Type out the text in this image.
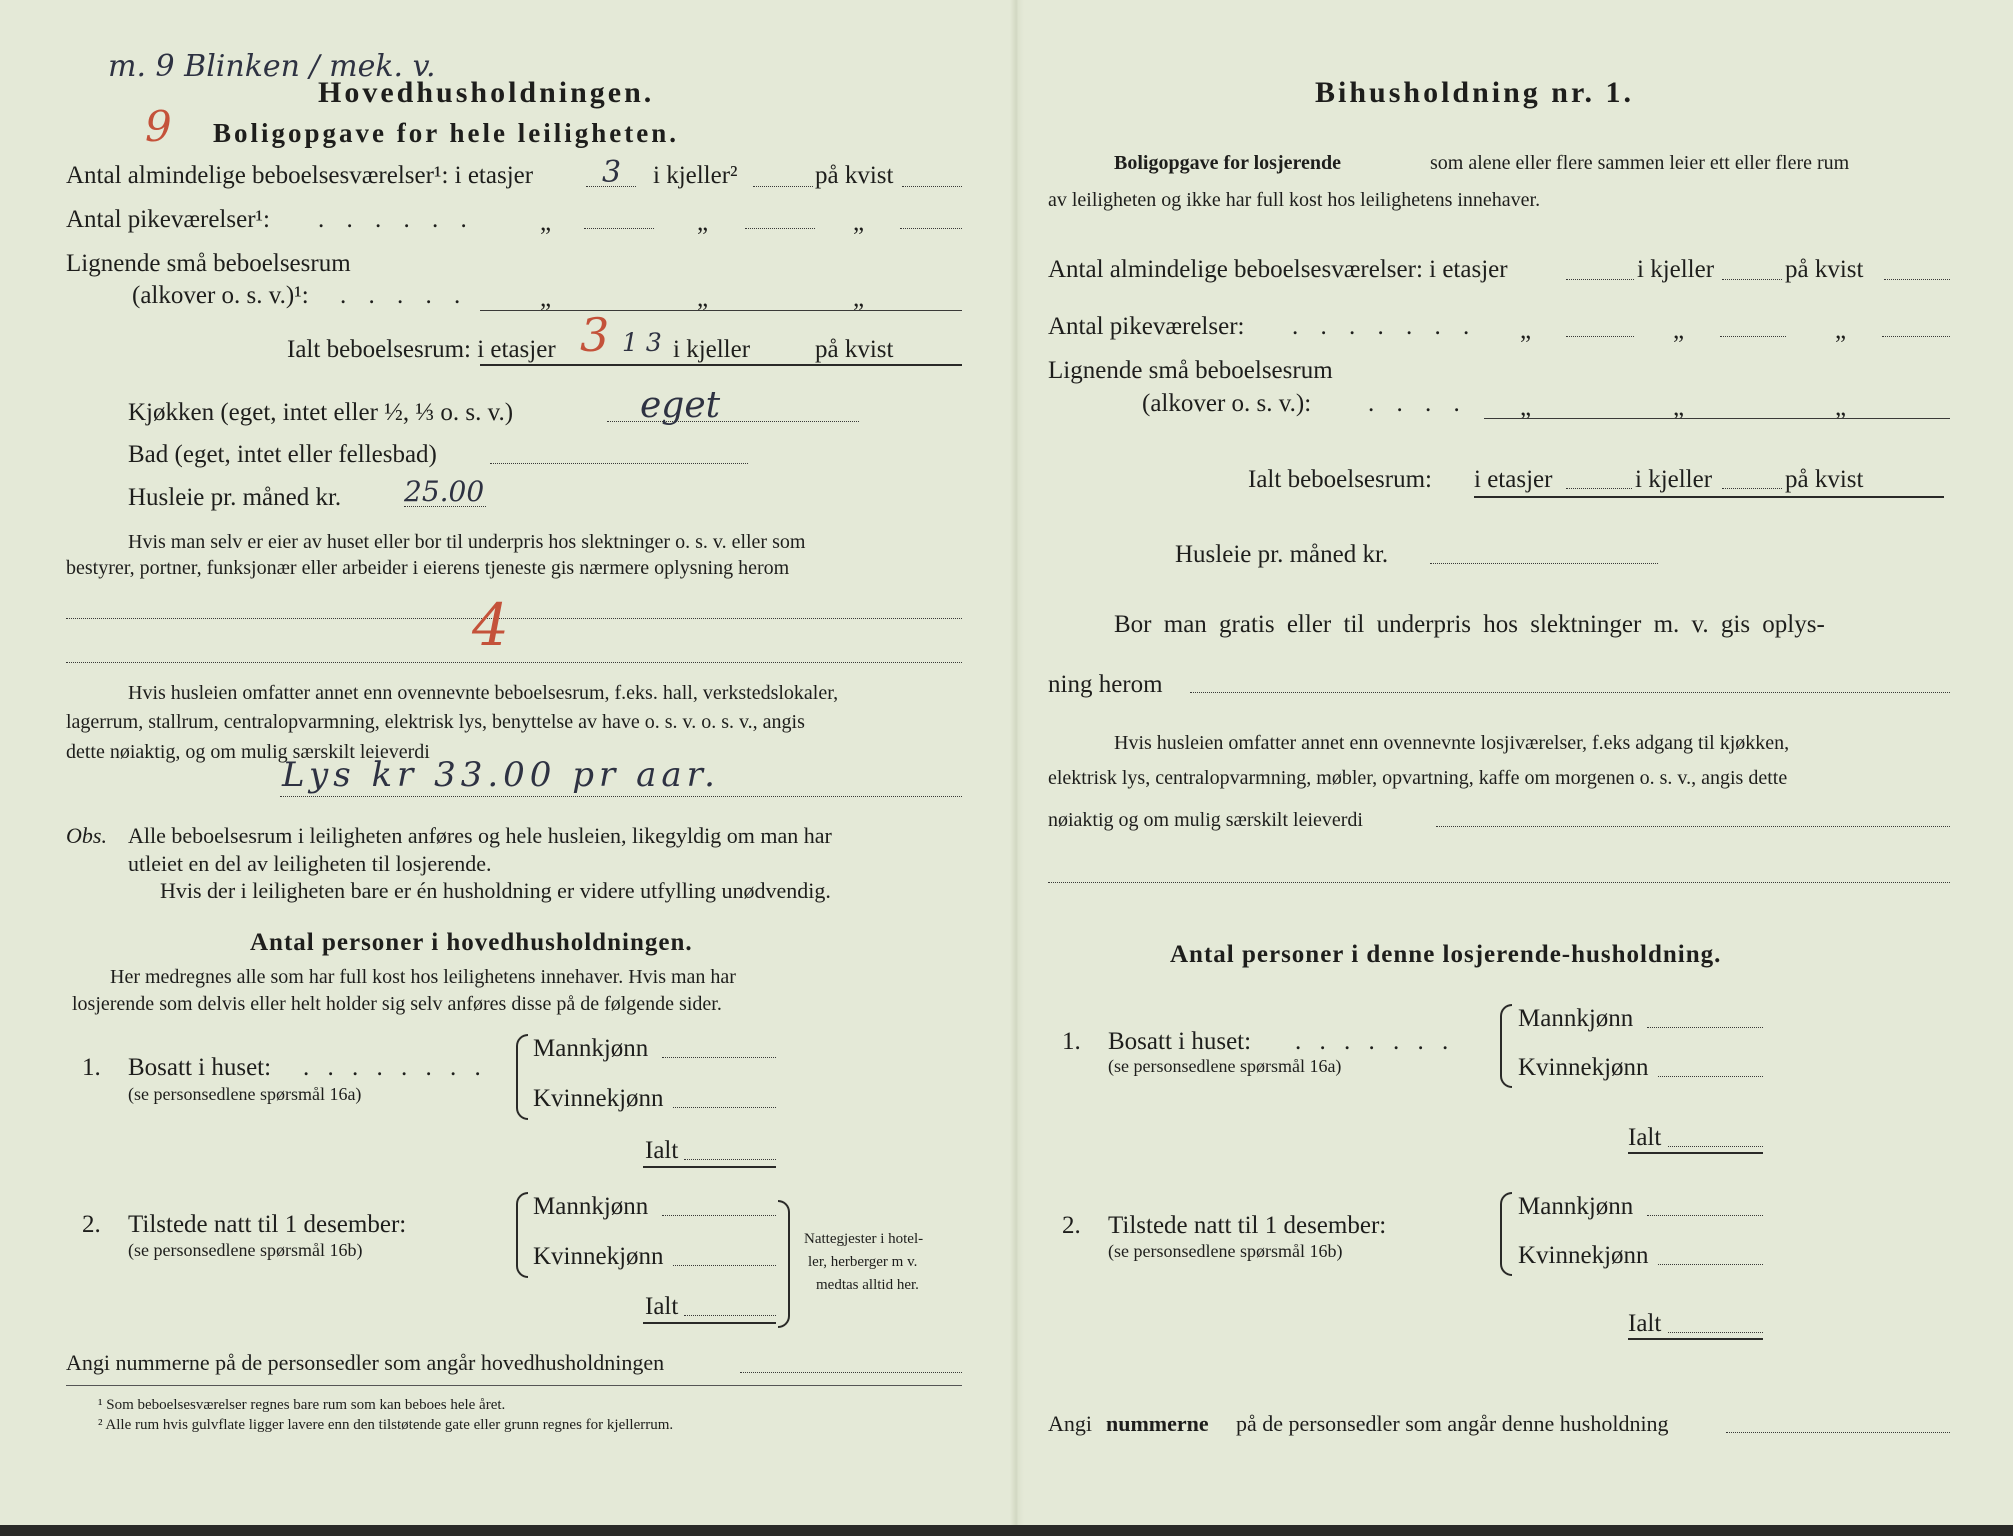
m. 9 Blinken / mek. v.
9
Hovedhusholdningen.
Boligopgave for hele leiligheten.
Antal almindelige beboelsesværelser¹: i etasjer 3 i kjeller²	på kvist
Antal pikeværelser¹: . . . . . .	„	„	„
Lignende små beboelsesrum
(alkover o. s. v.)¹: . . . . .	„	„	„
Ialt beboelsesrum: i etasjer 3 1 3 i kjeller	på kvist
Kjøkken (eget, intet eller ½, ⅓ o. s. v.)	eget
Bad (eget, intet eller fellesbad)
Husleie pr. måned kr. 25.00
Hvis man selv er eier av huset eller bor til underpris hos slektninger o. s. v. eller som
bestyrer, portner, funksjonær eller arbeider i eierens tjeneste gis nærmere oplysning herom
4
Hvis husleien omfatter annet enn ovennevnte beboelsesrum, f.eks. hall, verkstedslokaler,
lagerrum, stallrum, centralopvarmning, elektrisk lys, benyttelse av have o. s. v. o. s. v., angis
dette nøiaktig, og om mulig særskilt leieverdi
Lys kr 33.00 pr aar.
Obs. Alle beboelsesrum i leiligheten anføres og hele husleien, likegyldig om man har
utleiet en del av leiligheten til losjerende.
Hvis der i leiligheten bare er én husholdning er videre utfylling unødvendig.
Antal personer i hovedhusholdningen.
Her medregnes alle som har full kost hos leilighetens innehaver. Hvis man har
losjerende som delvis eller helt holder sig selv anføres disse på de følgende sider.
1. Bosatt i huset: . . . . . . . .
(se personsedlene spørsmål 16a)
Mannkjønn
Kvinnekjønn
Ialt
2. Tilstede natt til 1 desember:
(se personsedlene spørsmål 16b)
Mannkjønn
Kvinnekjønn
Ialt
Nattegjester i hotel-
ler, herberger m v.
medtas alltid her.
Angi nummerne på de personsedler som angår hovedhusholdningen
¹ Som beboelsesværelser regnes bare rum som kan beboes hele året.
² Alle rum hvis gulvflate ligger lavere enn den tilstøtende gate eller grunn regnes for kjellerrum.
Bihusholdning nr. 1.
Boligopgave for losjerende	som alene eller flere sammen leier ett eller flere rum
av leiligheten og ikke har full kost hos leilighetens innehaver.
Antal almindelige beboelsesværelser: i etasjer	i kjeller	på kvist
Antal pikeværelser: . . . . . . . „	„	„
Lignende små beboelsesrum
(alkover o. s. v.): . . . . „	„	„
Ialt beboelsesrum: i etasjer	i kjeller	på kvist
Husleie pr. måned kr.
Bor man gratis eller til underpris hos slektninger m. v. gis oplys-
ning herom
Hvis husleien omfatter annet enn ovennevnte losjiværelser, f.eks adgang til kjøkken,
elektrisk lys, centralopvarmning, møbler, opvartning, kaffe om morgenen o. s. v., angis dette
nøiaktig og om mulig særskilt leieverdi
Antal personer i denne losjerende-husholdning.
1. Bosatt i huset: . . . . . . .
(se personsedlene spørsmål 16a)
Mannkjønn
Kvinnekjønn
Ialt
2. Tilstede natt til 1 desember:
(se personsedlene spørsmål 16b)
Mannkjønn
Kvinnekjønn
Ialt
Angi nummerne på de personsedler som angår denne husholdning
